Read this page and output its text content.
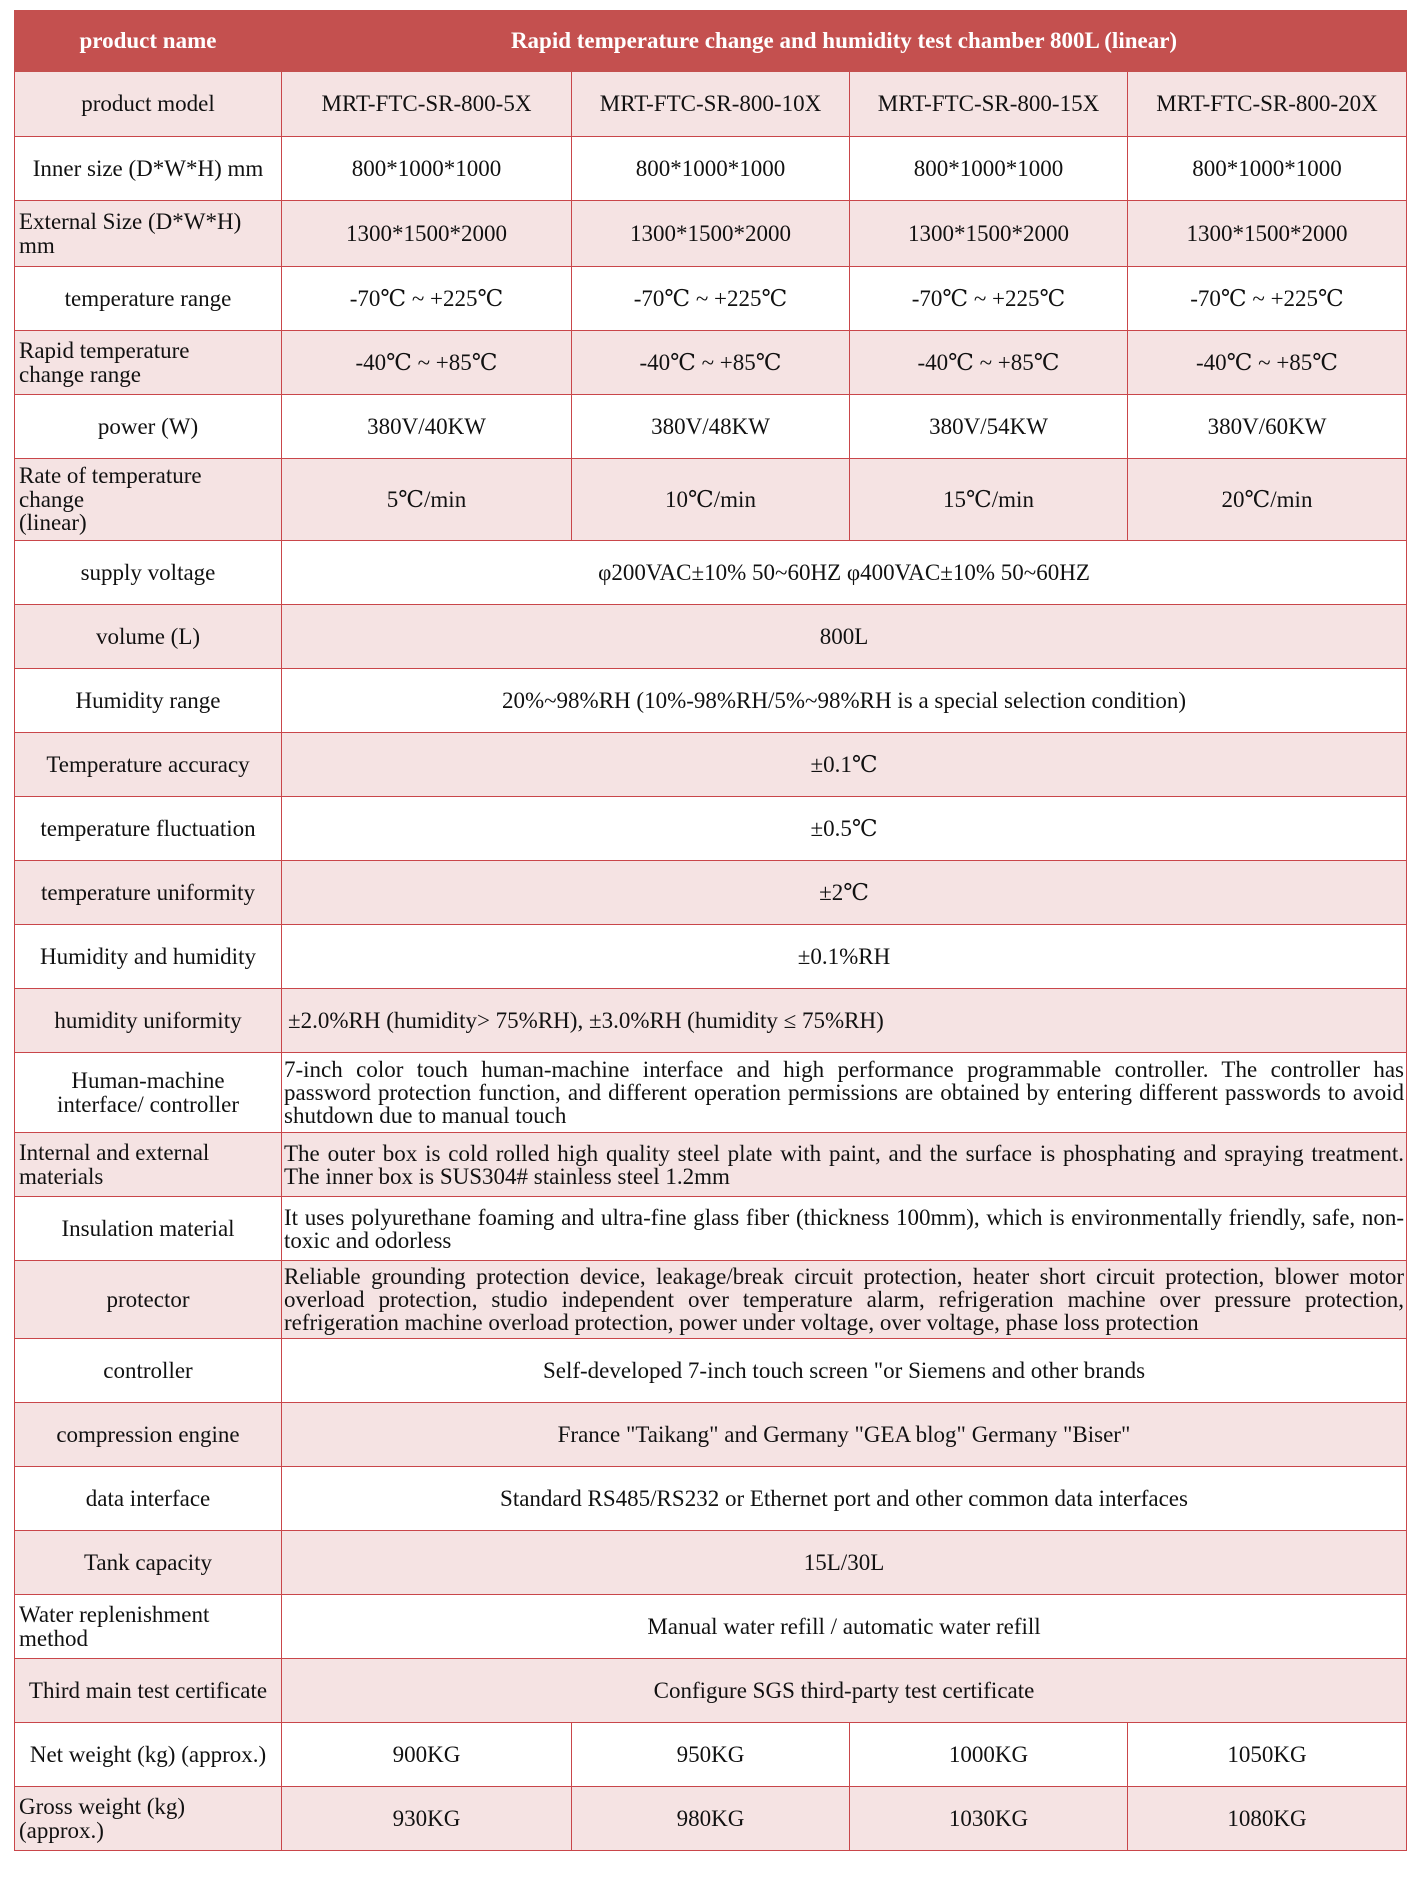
product name	Rapid temperature change and humidity test chamber 800L (linear)			
product model	MRT-FTC-SR-800-5X	MRT-FTC-SR-800-10X	MRT-FTC-SR-800-15X	MRT-FTC-SR-800-20X
Inner size (D*W*H) mm	800*1000*1000	800*1000*1000	800*1000*1000	800*1000*1000
External Size (D*W*H)
mm	1300*1500*2000	1300*1500*2000	1300*1500*2000	1300*1500*2000
temperature range	-70℃ ~ +225℃	-70℃ ~ +225℃	-70℃ ~ +225℃	-70℃ ~ +225℃
Rapid temperature
change range	-40℃ ~ +85℃	-40℃ ~ +85℃	-40℃ ~ +85℃	-40℃ ~ +85℃
power (W)	380V/40KW	380V/48KW	380V/54KW	380V/60KW
Rate of temperature
change
(linear)	5℃/min	10℃/min	15℃/min	20℃/min
supply voltage	φ200VAC±10% 50~60HZ φ400VAC±10% 50~60HZ			
volume (L)	800L			
Humidity range	20%~98%RH (10%-98%RH/5%~98%RH is a special selection condition)			
Temperature accuracy	±0.1℃			
temperature fluctuation	±0.5℃			
temperature uniformity	±2℃			
Humidity and humidity	±0.1%RH			
humidity uniformity	±2.0%RH (humidity> 75%RH), ±3.0%RH (humidity ≤ 75%RH)			
Human-machine
interface/ controller	7-inch color touch human-machine interface and high performance programmable controller. The controller has password protection function, and different operation permissions are obtained by entering different passwords to avoid shutdown due to manual touch			
Internal and external
materials	The outer box is cold rolled high quality steel plate with paint, and the surface is phosphating and spraying treatment. The inner box is SUS304# stainless steel 1.2mm			
Insulation material	It uses polyurethane foaming and ultra-fine glass fiber (thickness 100mm), which is environmentally friendly, safe, non-toxic and odorless			
protector	Reliable grounding protection device, leakage/break circuit protection, heater short circuit protection, blower motor overload protection, studio independent over temperature alarm, refrigeration machine over pressure protection, refrigeration machine overload protection, power under voltage, over voltage, phase loss protection			
controller	Self-developed 7-inch touch screen "or Siemens and other brands			
compression engine	France "Taikang" and Germany "GEA blog" Germany "Biser"			
data interface	Standard RS485/RS232 or Ethernet port and other common data interfaces			
Tank capacity	15L/30L			
Water replenishment
method	Manual water refill / automatic water refill			
Third main test certificate	Configure SGS third-party test certificate			
Net weight (kg) (approx.)	900KG	950KG	1000KG	1050KG
Gross weight (kg)
(approx.)	930KG	980KG	1030KG	1080KG
